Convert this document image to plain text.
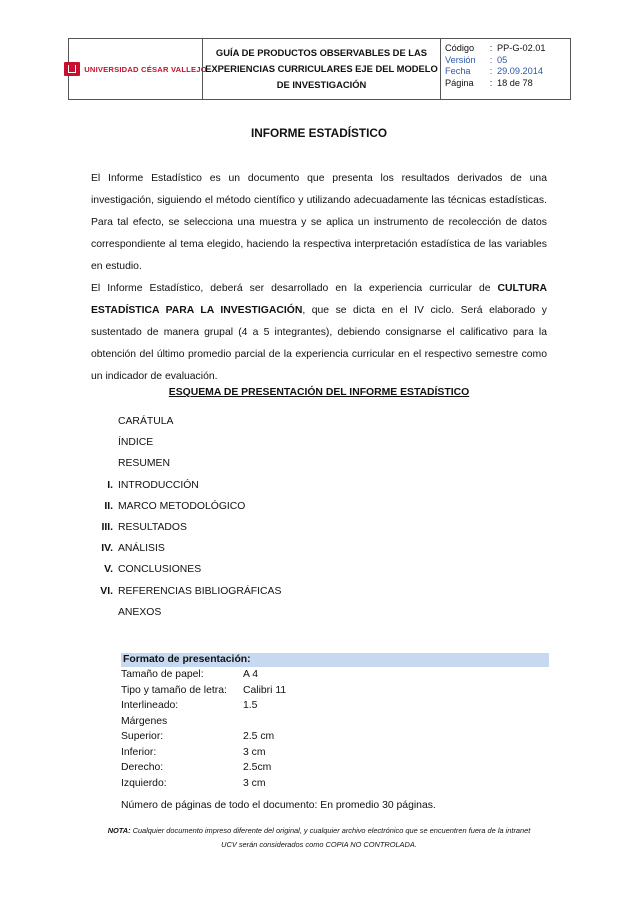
UNIVERSIDAD CÉSAR VALLEJO
GUÍA DE PRODUCTOS OBSERVABLES DE LAS
EXPERIENCIAS CURRICULARES EJE DEL MODELO
DE INVESTIGACIÓN
Código	: PP-G-02.01
Versión	: 05
Fecha	: 29.09.2014
Página	: 18 de 78
INFORME ESTADÍSTICO
El Informe Estadístico es un documento que presenta los resultados derivados de una investigación, siguiendo el método científico y utilizando adecuadamente las técnicas estadísticas. Para tal efecto, se selecciona una muestra y se aplica un instrumento de recolección de datos correspondiente al tema elegido, haciendo la respectiva interpretación estadística de las variables en estudio.
El Informe Estadístico, deberá ser desarrollado en la experiencia curricular de CULTURA ESTADÍSTICA PARA LA INVESTIGACIÓN, que se dicta en el IV ciclo. Será elaborado y sustentado de manera grupal (4 a 5 integrantes), debiendo consignarse el calificativo para la obtención del último promedio parcial de la experiencia curricular en el respectivo semestre como un indicador de evaluación.
ESQUEMA DE PRESENTACIÓN DEL INFORME ESTADÍSTICO
CARÁTULA
ÍNDICE
RESUMEN
I. INTRODUCCIÓN
II. MARCO METODOLÓGICO
III. RESULTADOS
IV. ANÁLISIS
V. CONCLUSIONES
VI. REFERENCIAS BIBLIOGRÁFICAS
ANEXOS
Formato de presentación:
Tamaño de papel:	A 4
Tipo y tamaño de letra:	Calibri 11
Interlineado:	1.5
Márgenes
Superior:	2.5 cm
Inferior:	3 cm
Derecho:	2.5cm
Izquierdo:	3 cm
Número de páginas de todo el documento: En promedio 30 páginas.
NOTA: Cualquier documento impreso diferente del original, y cualquier archivo electrónico que se encuentren fuera de la intranet
UCV serán considerados como COPIA NO CONTROLADA.
